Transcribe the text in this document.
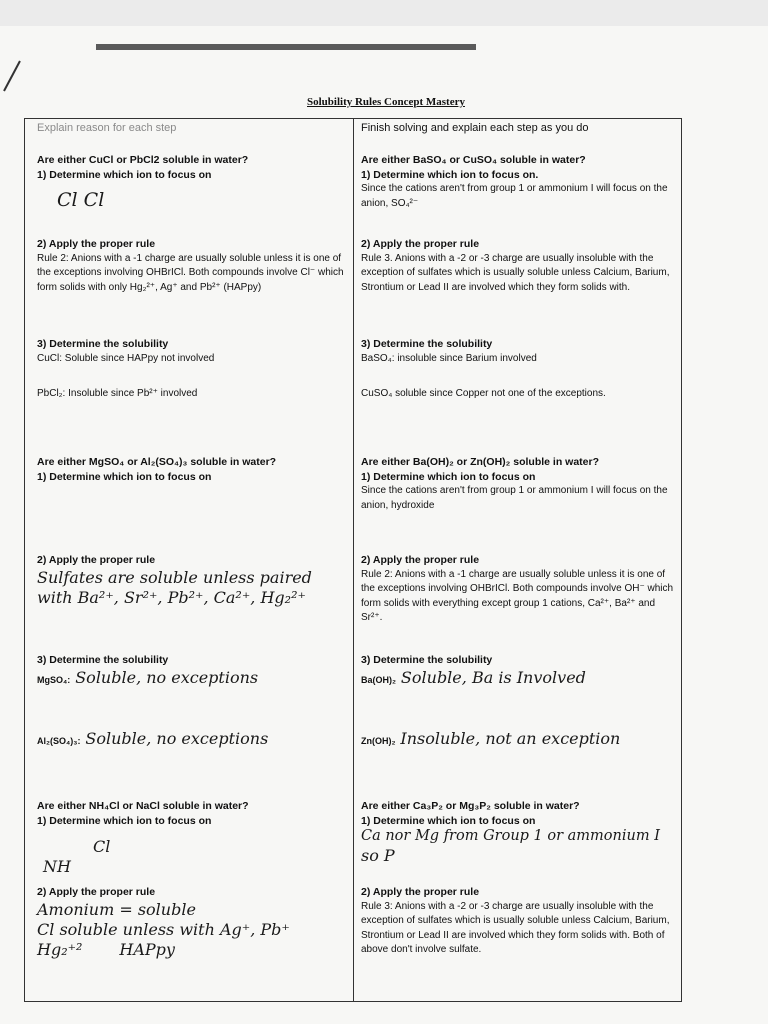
Solubility Rules Concept Mastery
Explain reason for each step
Are either CuCl or PbCl2 soluble in water?
1) Determine which ion to focus on
Cl Cl
2) Apply the proper rule
Rule 2: Anions with a -1 charge are usually soluble unless it is one of the exceptions involving OHBrICl. Both compounds involve Cl⁻ which form solids with only Hg₂²⁺, Ag⁺ and Pb²⁺ (HAPpy)
3) Determine the solubility
CuCl: Soluble since HAPpy not involved
PbCl₂: Insoluble since Pb²⁺ involved
Are either MgSO₄ or Al₂(SO₄)₃ soluble in water?
1) Determine which ion to focus on
2) Apply the proper rule
Sulfates are soluble unless paired
with Ba²⁺, Sr²⁺, Pb²⁺, Ca²⁺, Hg₂²⁺
3) Determine the solubility
MgSO₄: Soluble, no exceptions
Al₂(SO₄)₃: Soluble, no exceptions
Are either NH₄Cl or NaCl soluble in water?
1) Determine which ion to focus on
Cl
NH
2) Apply the proper rule
Amonium = soluble
Cl soluble unless with Ag⁺, Pb⁺
Hg₂⁺² HAPpy
Finish solving and explain each step as you do
Are either BaSO₄ or CuSO₄ soluble in water?
1) Determine which ion to focus on.
Since the cations aren't from group 1 or ammonium I will focus on the anion, SO₄²⁻
2) Apply the proper rule
Rule 3. Anions with a -2 or -3 charge are usually insoluble with the exception of sulfates which is usually soluble unless Calcium, Barium, Strontium or Lead II are involved which they form solids with.
3) Determine the solubility
BaSO₄: insoluble since Barium involved
CuSO₄ soluble since Copper not one of the exceptions.
Are either Ba(OH)₂ or Zn(OH)₂ soluble in water?
1) Determine which ion to focus on
Since the cations aren't from group 1 or ammonium I will focus on the anion, hydroxide
2) Apply the proper rule
Rule 2: Anions with a -1 charge are usually soluble unless it is one of the exceptions involving OHBrICl. Both compounds involve OH⁻ which form solids with everything except group 1 cations, Ca²⁺, Ba²⁺ and Sr²⁺.
3) Determine the solubility
Ba(OH)₂ Soluble, Ba is Involved
Zn(OH)₂ Insoluble, not an exception
Are either Ca₃P₂ or Mg₃P₂ soluble in water?
1) Determine which ion to focus on
Ca nor Mg from Group 1 or ammonium I
so P
2) Apply the proper rule
Rule 3: Anions with a -2 or -3 charge are usually insoluble with the exception of sulfates which is usually soluble unless Calcium, Barium, Strontium or Lead II are involved which they form solids with. Both of above don't involve sulfate.
